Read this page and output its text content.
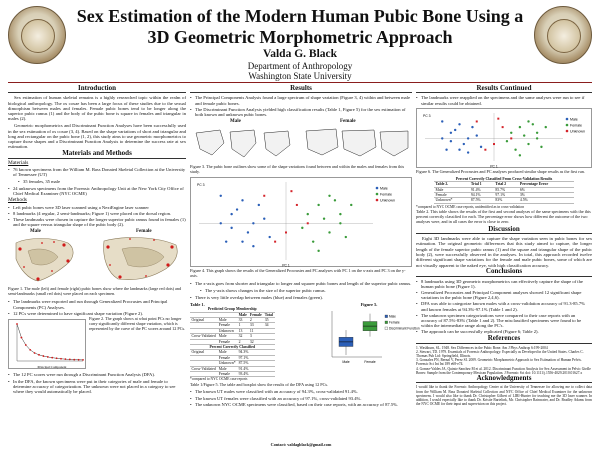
Sex Estimation of the Modern Human Pubic Bone Using a 3D Geometric Morphometric Approach
Valda G. Black
Department of Anthropology
Washington State University
Introduction

Sex estimation of human skeletal remains is a highly researched topic within the realm of biological anthropology. The os coxae has been a large focus of these studies due to the sexual dimorphism between males and females. Female pubic bones tend to be longer along the superior pubic ramus (1) and the body of the pubic bone is square in females and triangular in males (2).

Geometric morphometrics and Discriminant Function Analyses have been successfully used in the sex estimation of os coxae (3, 4). Based on the shape variations of short and triangular and long and rectangular on the pubic bone (1, 2), this study aims to use geometric morphometrics to capture those shapes and a Discriminant Function Analysis to determine the success rate at sex estimation.

Materials and Methods
Materials
• 76 known specimens from the William M. Bass Donated Skeletal Collection at the University of Tennessee (UT)
• 35 females, 35 male
• 24 unknown specimens from the Forensic Anthropology Unit at the New York City Office of Chief Medical Examiner (NYC OCME)
Methods
• Left pubic bones were 3D laser scanned using a NextEngine laser scanner
• 8 landmarks (4 regular, 2 semi-landmarks; Figure 1) were placed on the dorsal region.
• These landmarks were chosen in capture the longer superior pubic ramus found in females (1) and the square versus triangular shape of the pubic body (2).
Male	Female
Figure 1. The male (left) and female (right) pubic bones show where the landmarks (large red dots) and semi-landmarks (small red dots) were placed on each specimen.
• The landmarks were exported and run through Generalized Procrustes and Principal Components (PC) Analyses.
• 12 PCs were determined to have significant shape variation (Figure 2).
Principal Component
Figure 2. The graph shows at what point PCs no longer carry significantly different shape variation, which is represented by the curve of the PC scores around 12 PCs.
• The 12 PC scores were run through a Discriminant Function Analysis (DFA).
• In the DFA, the known specimens were put in their categories of male and female to determine accuracy of categorization. The unknown were not placed in a category to see where they would automatically be placed.
Results
• The Principal Components Analysis found a large spectrum of shape variation (Figure 3, 4) within and between male and female pubic bones.
• The Discriminant Function Analysis yielded high classification results (Table 1, Figure 5) for the sex estimation of both known and unknown pubic bones.
Male	Female
Figure 3. The pubic bone outlines show some of the shape variations found between and within the males and females from this study.
Male
Female
Unknown
PC 1
PC 3
Figure 4. This graph shows the results of the Generalized Procrustes and PC analyses with PC 1 on the x-axis and PC 3 on the y-axis.
• The x-axis goes from shorter and triangular to longer and squarer pubic bones and length of the superior pubic ramus.
• The y-axis shows changes in the size of the superior pubic ramus.
• There is very little overlap between males (blue) and females (green).
Table 1.
Predicted Group Membership				
		Male	Female	Total
Original	Male	33	2	35
	Female	1	33	34
	Unknown	13	11	
Cross-Validated	Male	32	3	
	Female	2	32	
Percent Correctly Classified				
Original	Male	94.3%		
	Female	97.1%		
	Unknown*	87.5%		
Cross-Validated	Male	91.4%		
	Female	93.4%		
*compared to NYC OCME case reports
Figure 5.
Male	Female
Male
Female
Discriminant Function
Table 1/Figure 5. The table and boxplot show the results of the DFA using 12 PCs.
• The known UT males were classified with an accuracy of 94.3%, cross-validated 91.4%.
• The known UT females were classified with an accuracy of 97.1%, cross-validated 93.4%.
• The unknown NYC OCME specimens were classified, based on their case reports, with an accuracy of 87.5%.
Results Continued
• The landmarks were reapplied on the specimens and the same analyses were run to see if similar results could be obtained.
Male
Female
Unknown
PC 1
PC 3
Figure 6. The Generalized Procrustes and PC analyses produced similar shape results as the first run.
Percent Correctly Classified From Cross-Validation Results			
Table 2.	Trial 1	Trial 2	Percentage Error
Male	91.4%	85.7%	6%
Female	94.1%	97.1%	3%
Unknown*	87.5%	83%	4.5%
*compared to NYC OCME case reports, unidentified as in cross-validation
Table 2. This table shows the results of the first and second analyses of the same specimens with the this percent correctly classified for each. The percentage error shows how different the outcome of the two analyses were, and in all cases the error is close to zero.
Discussion

Eight 3D landmarks were able to capture the shape variation seen in pubic bones for sex estimation. The original geometric differences that this study aimed to capture, the longer length of the female superior pubic ramus (1) and the square and triangular shape of the pubic body (2), were successfully observed in the analyses. In total, this approach recorded twelve different significant shape variations for the female and male pubic bones, some of which are not visually apparent to the naked eye, with high classification accuracy.

Conclusions
• 8 landmarks using 3D geometric morphometrics can effectively capture the shape of the human pubic bone (Figure 1).
• Generalized Procrustes and Principal Component analyses showed 12 significant shape variations in the pubic bone (Figure 2,4,6).
• DFA was able to categorize known males with a cross-validation accuracy of 91.3-85.7% and known females at 94.3%-97.1% (Table 1 and 2).
• The unknown specimen categorizations were compared to their case reports with an accuracy of 87.5%-83% (Table 1 and 2). The misclassified specimens were found to be within the intermediate range along the PC's.
• The approach can be successfully replicated (Figure 6; Table 2).
References
1. Washburn, SL. 1948. Sex Differences in the Pubic Bone. Am J Phys Anthrop 6:199-2004
2. Stewart, TD. 1979. Essentials of Forensic Anthropology: Especially as Developed in the United States. Charles C. Thomas Pub Ltd: Springfield, Illinois.
3. Gonzalez PN, Bernal V, Perez SI. 2009. Geometric Morphometric Approach to Sex Estimation of Human Pelvis. Forensic Sci Int Int 189 e68-e74.
4. Gomez-Valdes JA, Quinto-Sanchez M et al. 2012. Discriminant Function Analysis for Sex Assessment in Pelvic Girdle Bones: Sample from the Contemporary Mexican Population. J Forensic Sci doi: 10.1111/j.1556-4029.2010.01627.x
Acknowledgments
I would like to thank the Forensic Anthropology Center at the University of Tennessee for allowing me to collect data from the William M. Bass Donated Skeletal Collection and NYC Office of Chief Medical Examiner for the unknown specimens. I would also like to thank Dr. Christopher Gilbert of LIRI-Hunter for teaching me the 3D laser scanner. In addition, I would especially like to thank Dr. Kristie Bartelink, Mr. Christopher Rainwater, and Dr. Bradley Adams from the NYC OCME for their input and supervision on this project.
Contact: valdagblack@gmail.com
